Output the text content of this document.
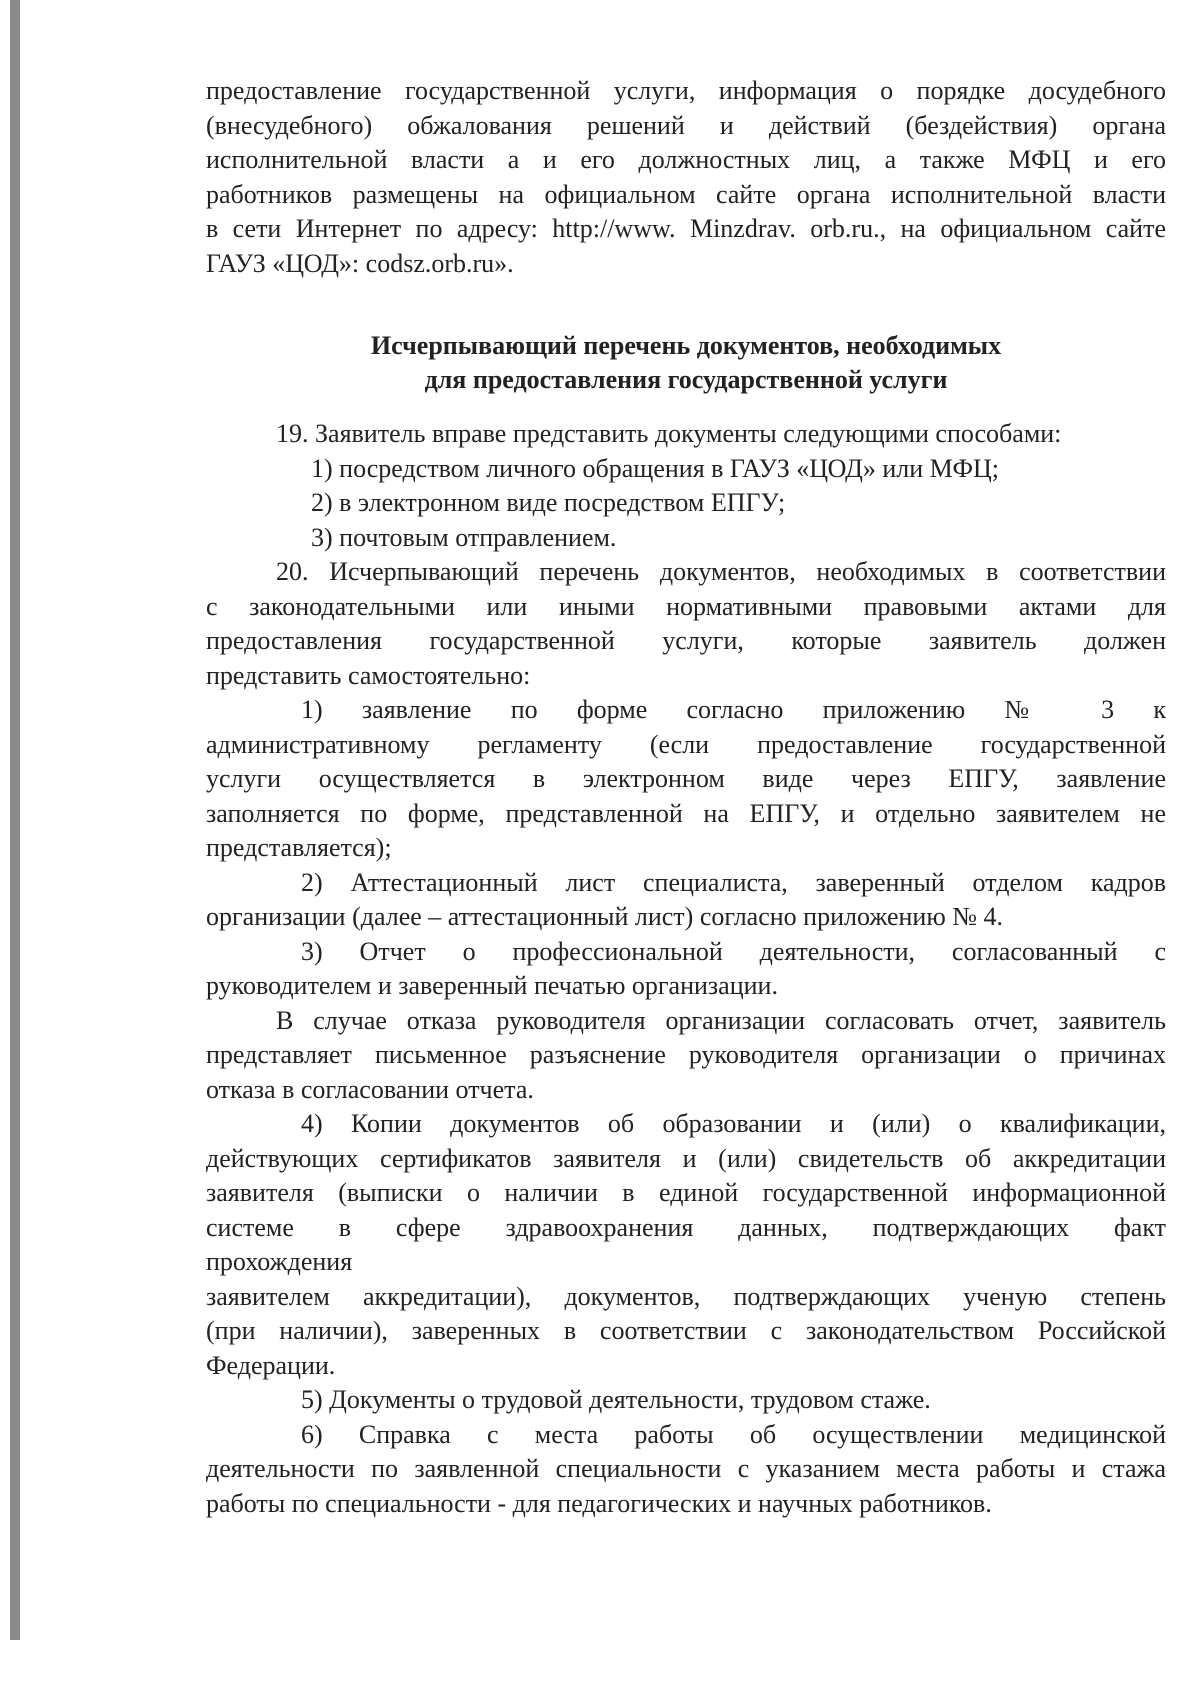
предоставление государственной услуги, информация о порядке досудебного

(внесудебного) обжалования решений и действий (бездействия) органа

исполнительной власти а и его должностных лиц, а также МФЦ и его

работников размещены на официальном сайте органа исполнительной власти

в сети Интернет по адресу: http://www. Minzdrav. orb.ru., на официальном сайте

ГАУЗ «ЦОД»: codsz.orb.ru».

Исчерпывающий перечень документов, необходимых

для предоставления государственной услуги

19. Заявитель вправе представить документы следующими способами:

1) посредством личного обращения в ГАУЗ «ЦОД» или МФЦ;

2) в электронном виде посредством ЕПГУ;

3) почтовым отправлением.

20. Исчерпывающий перечень документов, необходимых в соответствии

с законодательными или иными нормативными правовыми актами для

предоставления государственной услуги, которые заявитель должен

представить самостоятельно:

1) заявление по форме согласно приложению № 3 к

административному регламенту (если предоставление государственной

услуги осуществляется в электронном виде через ЕПГУ, заявление

заполняется по форме, представленной на ЕПГУ, и отдельно заявителем не

представляется);

2) Аттестационный лист специалиста, заверенный отделом кадров

организации (далее – аттестационный лист) согласно приложению № 4.

3) Отчет о профессиональной деятельности, согласованный с

руководителем и заверенный печатью организации.

В случае отказа руководителя организации согласовать отчет, заявитель

представляет письменное разъяснение руководителя организации о причинах

отказа в согласовании отчета.

4) Копии документов об образовании и (или) о квалификации,

действующих сертификатов заявителя и (или) свидетельств об аккредитации

заявителя (выписки о наличии в единой государственной информационной

системе в сфере здравоохранения данных, подтверждающих факт

прохождения

заявителем аккредитации), документов, подтверждающих ученую степень

(при наличии), заверенных в соответствии с законодательством Российской

Федерации.

5) Документы о трудовой деятельности, трудовом стаже.

6) Справка с места работы об осуществлении медицинской

деятельности по заявленной специальности с указанием места работы и стажа

работы по специальности - для педагогических и научных работников.
